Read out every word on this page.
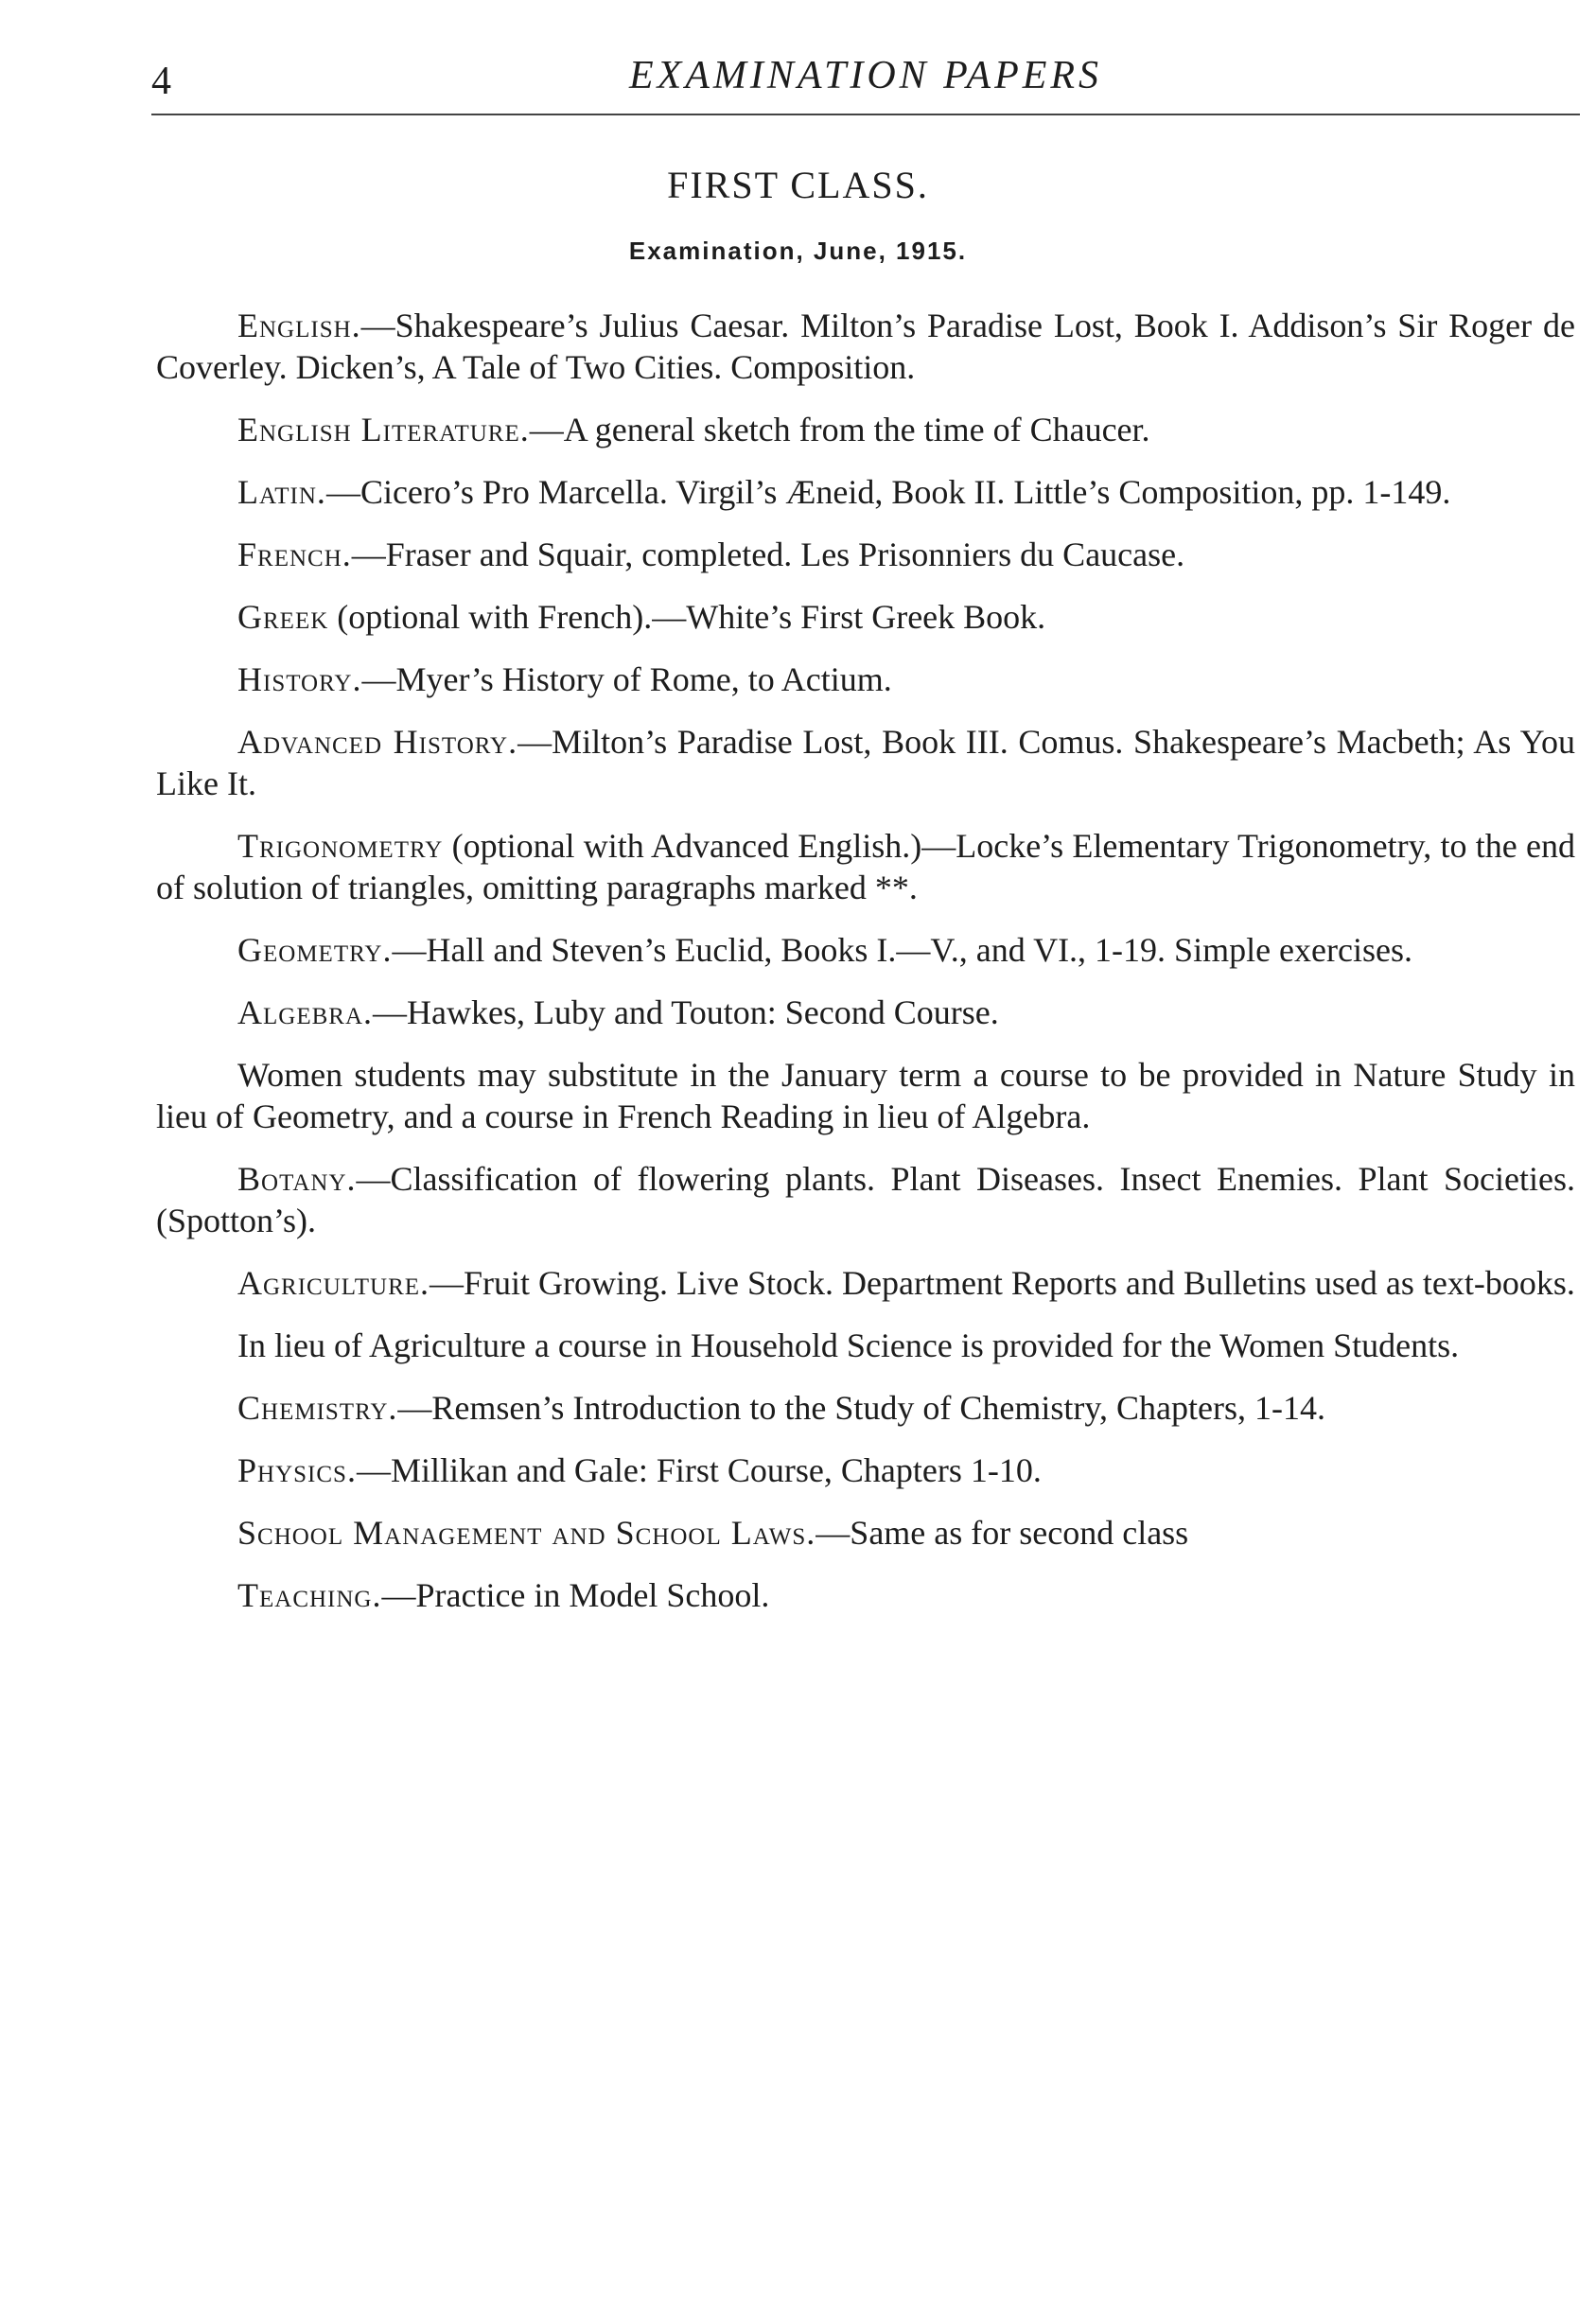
4	EXAMINATION PAPERS
FIRST CLASS.
Examination, June, 1915.

English.—Shakespeare’s Julius Caesar. Milton’s Paradise Lost, Book I. Addison’s Sir Roger de Coverley. Dicken’s, A Tale of Two Cities. Composition.

English Literature.—A general sketch from the time of Chaucer.

Latin.—Cicero’s Pro Marcella. Virgil’s Æneid, Book II. Little’s Composition, pp. 1-149.

French.—Fraser and Squair, completed. Les Prisonniers du Caucase.

Greek (optional with French).—White’s First Greek Book.

History.—Myer’s History of Rome, to Actium.

Advanced History.—Milton’s Paradise Lost, Book III. Comus. Shakespeare’s Macbeth; As You Like It.

Trigonometry (optional with Advanced English.)—Locke’s Elementary Trigonometry, to the end of solution of triangles, omitting paragraphs marked **.

Geometry.—Hall and Steven’s Euclid, Books I.—V., and VI., 1-19. Simple exercises.

Algebra.—Hawkes, Luby and Touton: Second Course.

Women students may substitute in the January term a course to be provided in Nature Study in lieu of Geometry, and a course in French Reading in lieu of Algebra.

Botany.—Classification of flowering plants. Plant Diseases. Insect Enemies. Plant Societies. (Spotton’s).

Agriculture.—Fruit Growing. Live Stock. Department Reports and Bulletins used as text-books.

In lieu of Agriculture a course in Household Science is provided for the Women Students.

Chemistry.—Remsen’s Introduction to the Study of Chemistry, Chapters, 1-14.

Physics.—Millikan and Gale: First Course, Chapters 1-10.

School Management and School Laws.—Same as for second class

Teaching.—Practice in Model School.
